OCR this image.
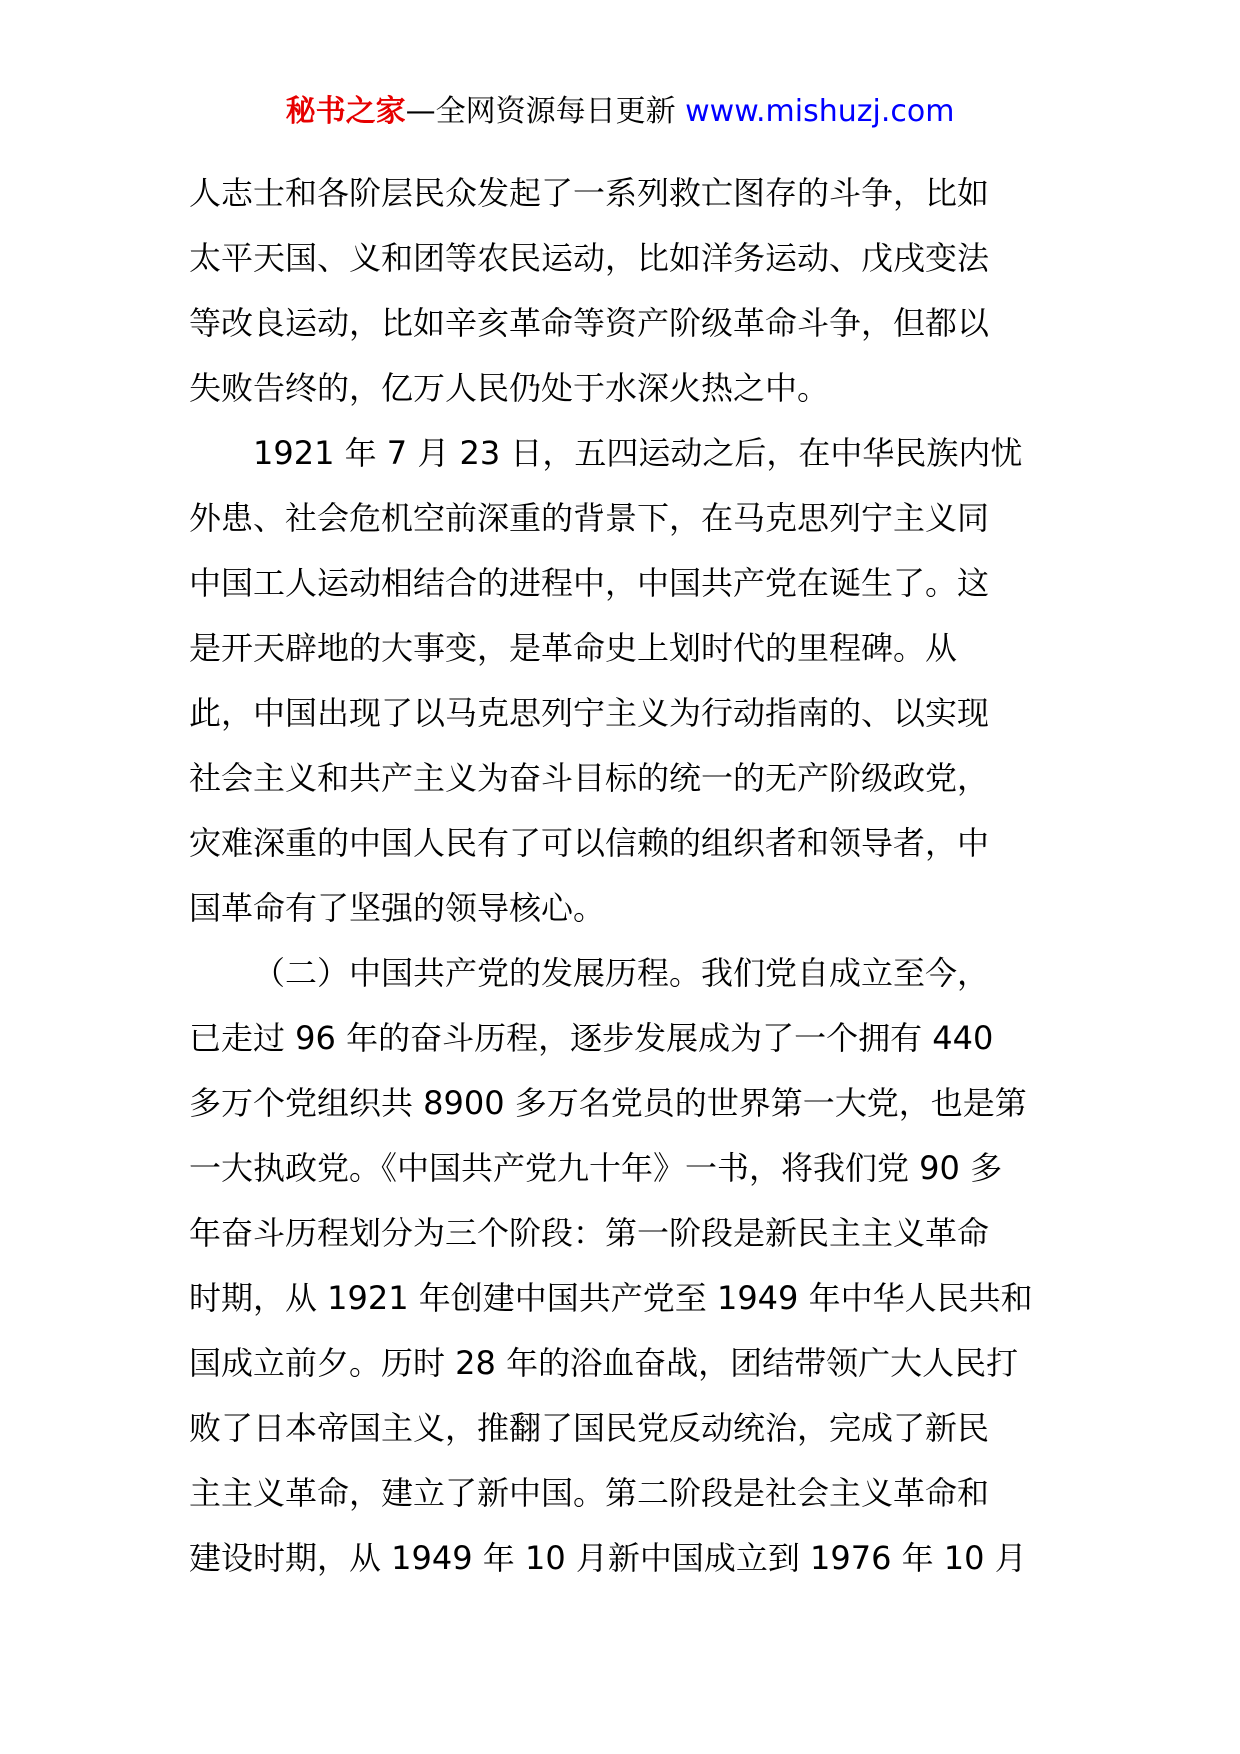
秘书之家—全网资源每日更新 www.mishuzj.com

人志士和各阶层民众发起了一系列救亡图存的斗争，比如
太平天国、义和团等农民运动，比如洋务运动、戊戌变法
等改良运动，比如辛亥革命等资产阶级革命斗争，但都以
失败告终的，亿万人民仍处于水深火热之中。

1921 年 7 月 23 日，五四运动之后，在中华民族内忧
外患、社会危机空前深重的背景下，在马克思列宁主义同
中国工人运动相结合的进程中，中国共产党在诞生了。这
是开天辟地的大事变，是革命史上划时代的里程碑。从
此，中国出现了以马克思列宁主义为行动指南的、以实现
社会主义和共产主义为奋斗目标的统一的无产阶级政党，
灾难深重的中国人民有了可以信赖的组织者和领导者，中
国革命有了坚强的领导核心。

（二）中国共产党的发展历程。我们党自成立至今，
已走过 96 年的奋斗历程，逐步发展成为了一个拥有 440
多万个党组织共 8900 多万名党员的世界第一大党，也是第
一大执政党。《中国共产党九十年》一书，将我们党 90 多
年奋斗历程划分为三个阶段：第一阶段是新民主主义革命
时期，从 1921 年创建中国共产党至 1949 年中华人民共和
国成立前夕。历时 28 年的浴血奋战，团结带领广大人民打
败了日本帝国主义，推翻了国民党反动统治，完成了新民
主主义革命，建立了新中国。第二阶段是社会主义革命和
建设时期，从 1949 年 10 月新中国成立到 1976 年 10 月
